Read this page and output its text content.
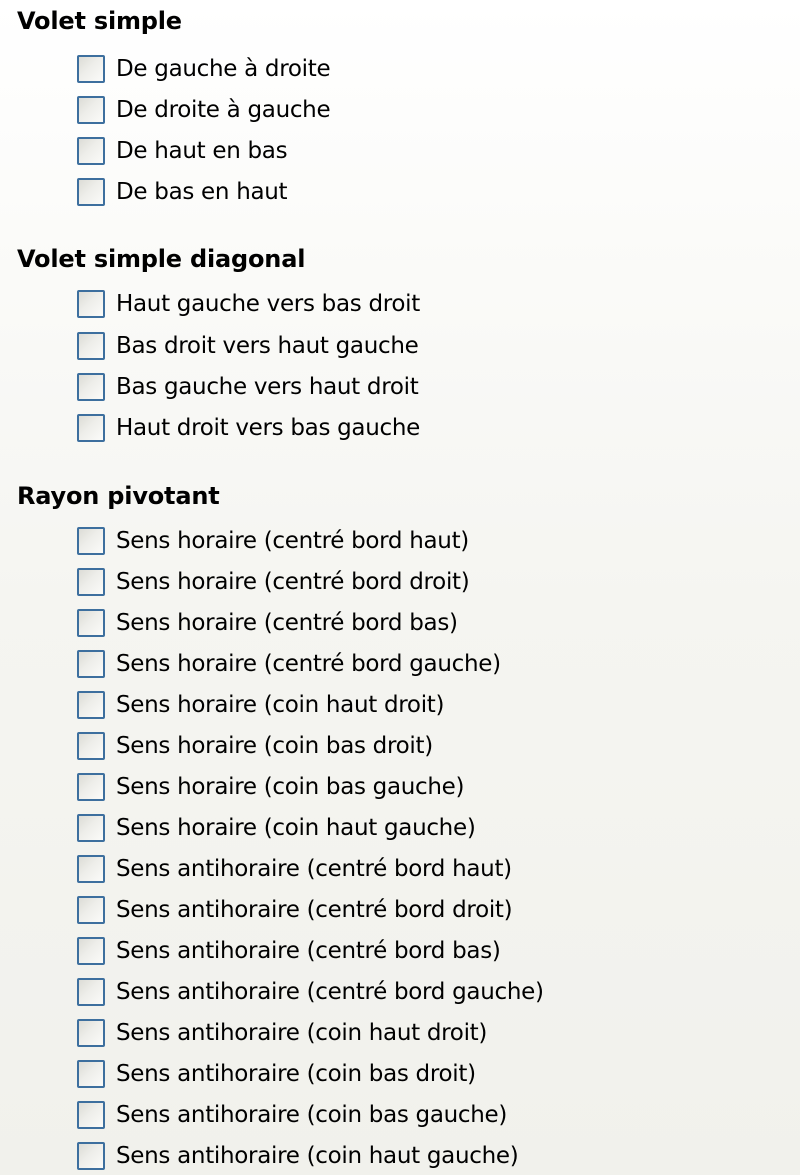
Volet simple
De gauche à droite
De droite à gauche
De haut en bas
De bas en haut
Volet simple diagonal
Haut gauche vers bas droit
Bas droit vers haut gauche
Bas gauche vers haut droit
Haut droit vers bas gauche
Rayon pivotant
Sens horaire (centré bord haut)
Sens horaire (centré bord droit)
Sens horaire (centré bord bas)
Sens horaire (centré bord gauche)
Sens horaire (coin haut droit)
Sens horaire (coin bas droit)
Sens horaire (coin bas gauche)
Sens horaire (coin haut gauche)
Sens antihoraire (centré bord haut)
Sens antihoraire (centré bord droit)
Sens antihoraire (centré bord bas)
Sens antihoraire (centré bord gauche)
Sens antihoraire (coin haut droit)
Sens antihoraire (coin bas droit)
Sens antihoraire (coin bas gauche)
Sens antihoraire (coin haut gauche)
